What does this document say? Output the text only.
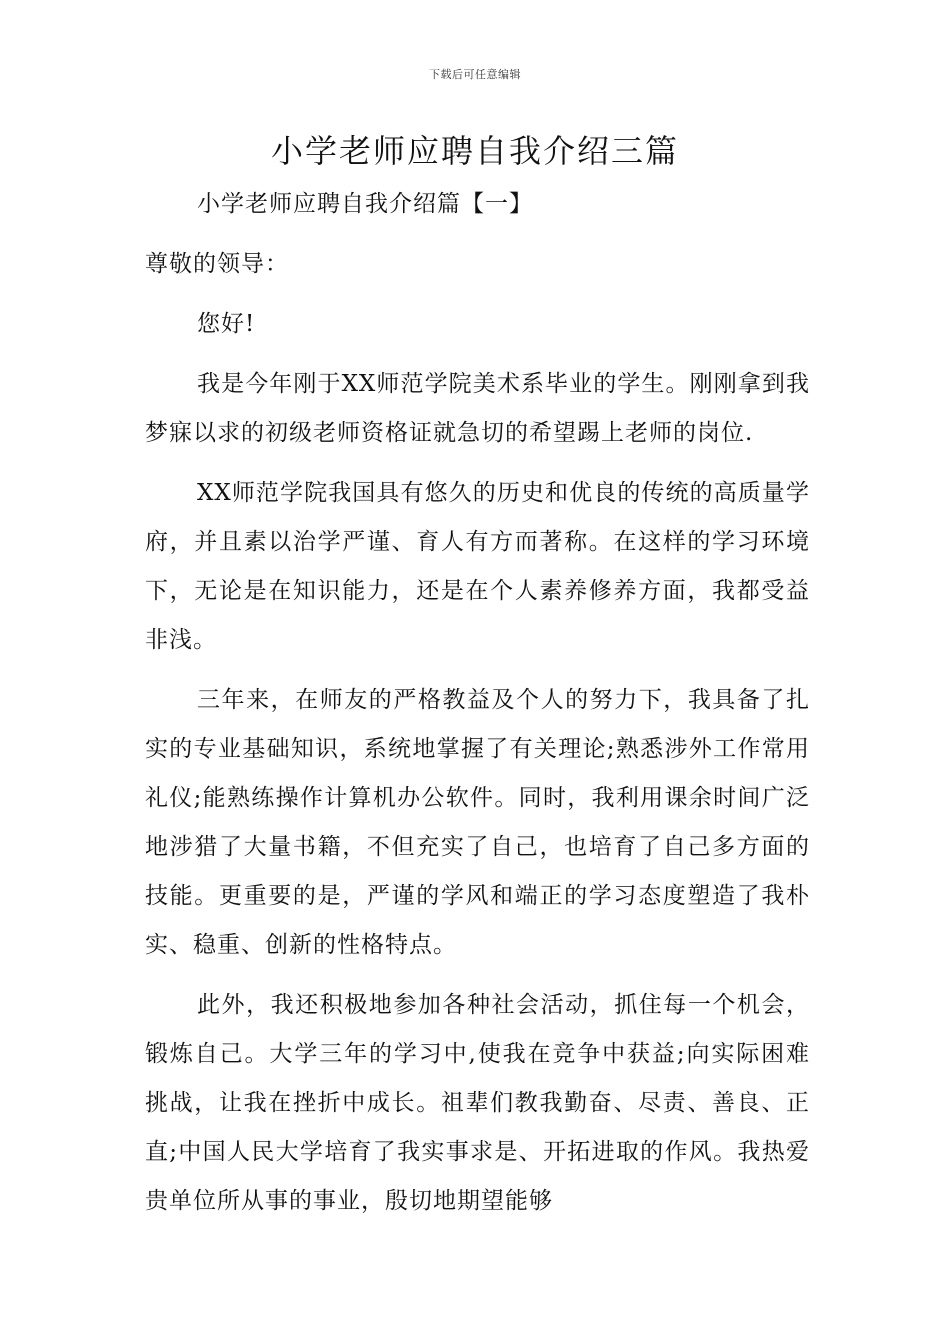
下载后可任意编辑
小学老师应聘自我介绍三篇

小学老师应聘自我介绍篇【一】

尊敬的领导：

您好!

我是今年刚于XX师范学院美术系毕业的学生。刚刚拿到我梦寐以求的初级老师资格证就急切的希望踢上老师的岗位.

XX师范学院我国具有悠久的历史和优良的传统的高质量学府，并且素以治学严谨、育人有方而著称。在这样的学习环境下，无论是在知识能力，还是在个人素养修养方面，我都受益非浅。

三年来，在师友的严格教益及个人的努力下，我具备了扎实的专业基础知识，系统地掌握了有关理论;熟悉涉外工作常用礼仪;能熟练操作计算机办公软件。同时，我利用课余时间广泛地涉猎了大量书籍，不但充实了自己，也培育了自己多方面的技能。更重要的是，严谨的学风和端正的学习态度塑造了我朴实、稳重、创新的性格特点。

此外，我还积极地参加各种社会活动，抓住每一个机会，锻炼自己。大学三年的学习中,使我在竞争中获益;向实际困难挑战，让我在挫折中成长。祖辈们教我勤奋、尽责、善良、正直;中国人民大学培育了我实事求是、开拓进取的作风。我热爱贵单位所从事的事业，殷切地期望能够
